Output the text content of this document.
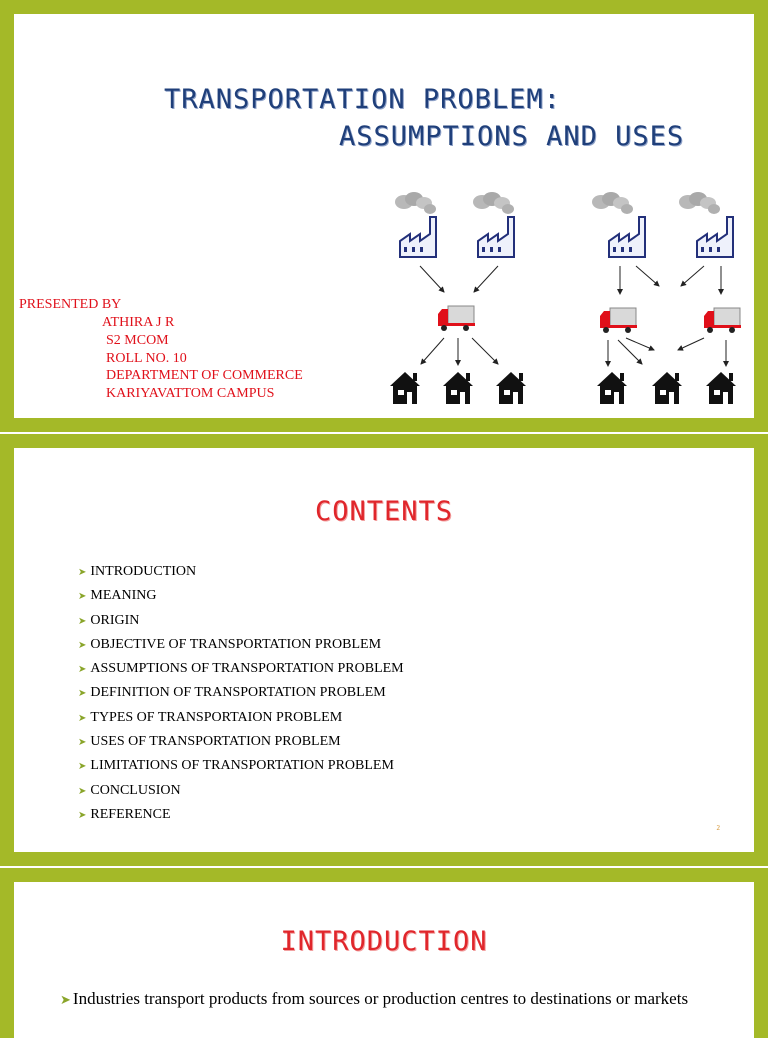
TRANSPORTATION PROBLEM:
ASSUMPTIONS AND USES
PRESENTED BY
ATHIRA J R
S2 MCOM
ROLL NO. 10
DEPARTMENT OF COMMERCE
KARIYAVATTOM CAMPUS
CONTENTS
➤ INTRODUCTION
➤ MEANING
➤ ORIGIN
➤ OBJECTIVE OF TRANSPORTATION PROBLEM
➤ ASSUMPTIONS OF TRANSPORTATION PROBLEM
➤ DEFINITION OF TRANSPORTATION PROBLEM
➤ TYPES OF TRANSPORTAION PROBLEM
➤ USES OF TRANSPORTATION PROBLEM
➤ LIMITATIONS OF TRANSPORTATION PROBLEM
➤ CONCLUSION
➤ REFERENCE
2
INTRODUCTION
➤ Industries transport products from sources or production centres to destinations or markets
